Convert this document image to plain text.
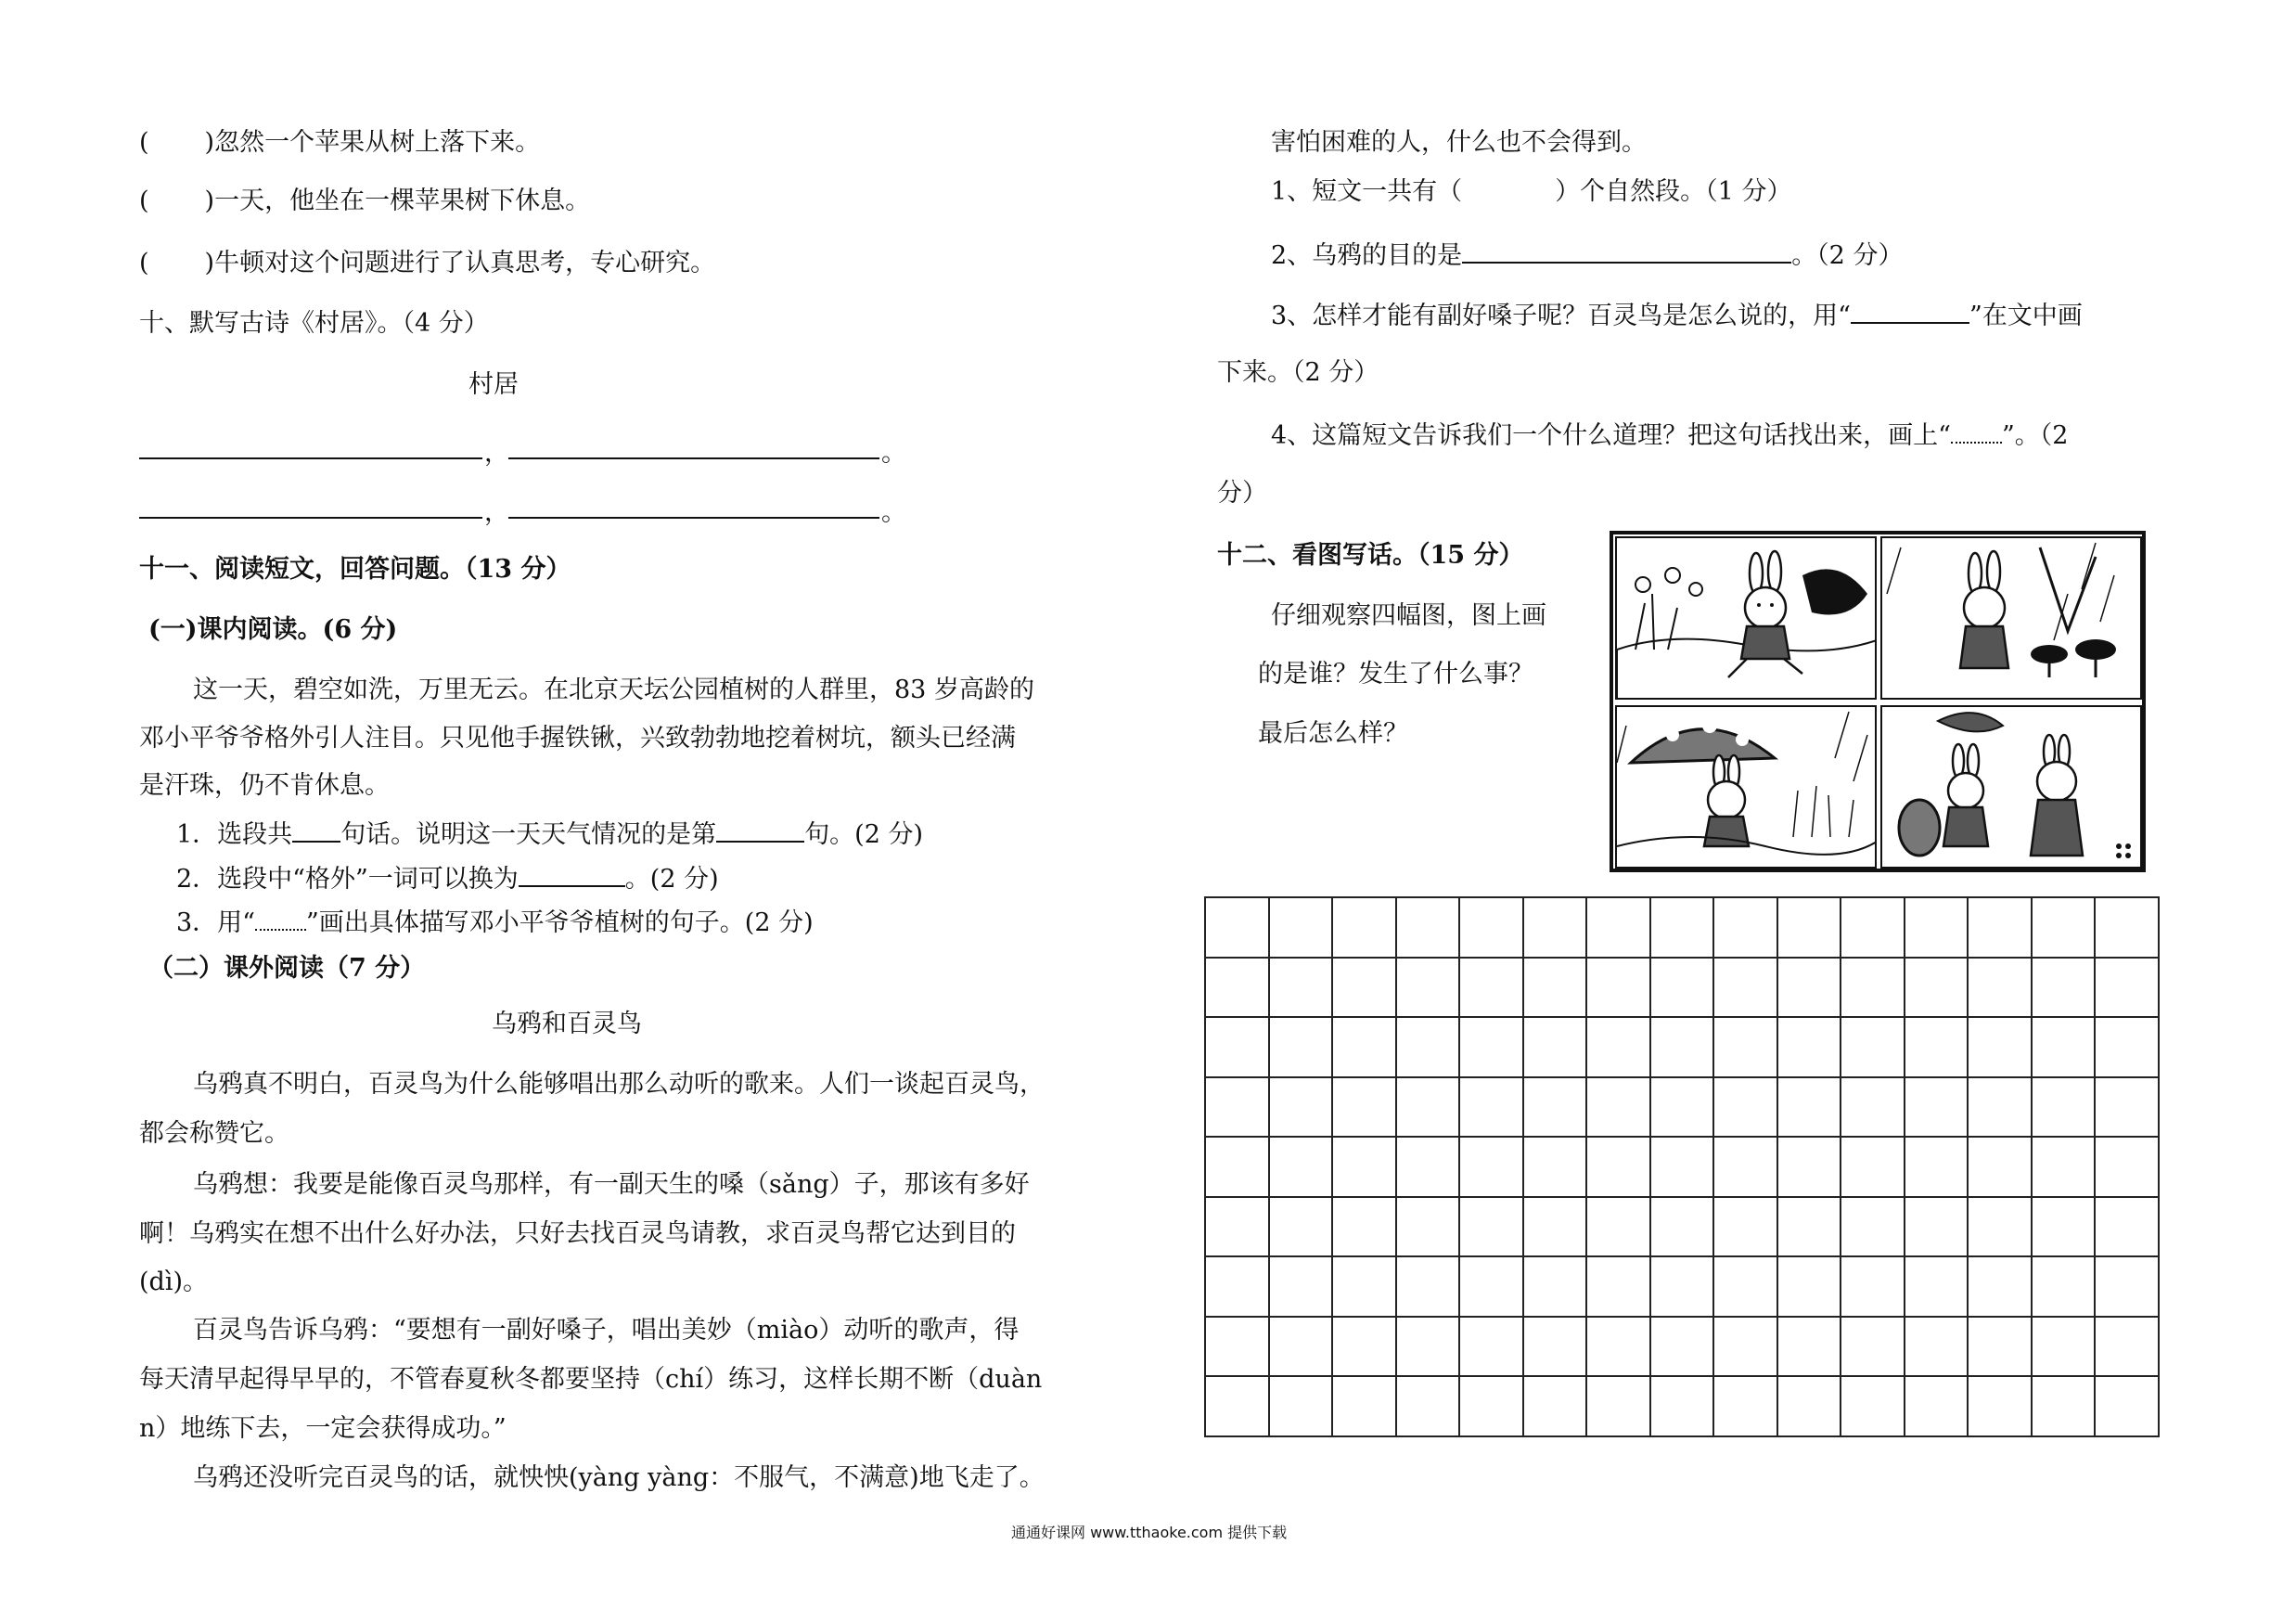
( )忽然一个苹果从树上落下来。
( )一天，他坐在一棵苹果树下休息。
( )牛顿对这个问题进行了认真思考，专心研究。
十、默写古诗《村居》。（4 分）
村居
，	。
，	。
十一、阅读短文，回答问题。（13 分）
(一)课内阅读。(6 分)
这一天，碧空如洗，万里无云。在北京天坛公园植树的人群里，83 岁高龄的
邓小平爷爷格外引人注目。只见他手握铁锹，兴致勃勃地挖着树坑，额头已经满
是汗珠，仍不肯休息。
1．选段共 句话。说明这一天天气情况的是第	句。(2 分)
2．选段中“格外”一词可以换为	。(2 分)
3．用“ ”画出具体描写邓小平爷爷植树的句子。(2 分)
（二）课外阅读（7 分）
乌鸦和百灵鸟
乌鸦真不明白，百灵鸟为什么能够唱出那么动听的歌来。人们一谈起百灵鸟，
都会称赞它。
乌鸦想：我要是能像百灵鸟那样，有一副天生的嗓（sǎng）子，那该有多好
啊！乌鸦实在想不出什么好办法，只好去找百灵鸟请教，求百灵鸟帮它达到目的
(dì)。
百灵鸟告诉乌鸦：“要想有一副好嗓子，唱出美妙（miào）动听的歌声，得
每天清早起得早早的，不管春夏秋冬都要坚持（chí）练习，这样长期不断（duàn
n）地练下去，一定会获得成功。”
乌鸦还没听完百灵鸟的话，就怏怏(yàng yàng：不服气，不满意)地飞走了。
害怕困难的人，什么也不会得到。
1、短文一共有（	）个自然段。（1 分）
2、乌鸦的目的是	。（2 分）
3、怎样才能有副好嗓子呢？百灵鸟是怎么说的，用“	”在文中画
下来。（2 分）
4、这篇短文告诉我们一个什么道理？把这句话找出来，画上“ ”。（2
分）
十二、看图写话。（15 分）
仔细观察四幅图，图上画
的是谁？发生了什么事？
最后怎么样？

通通好课网 www.tthaoke.com 提供下载
